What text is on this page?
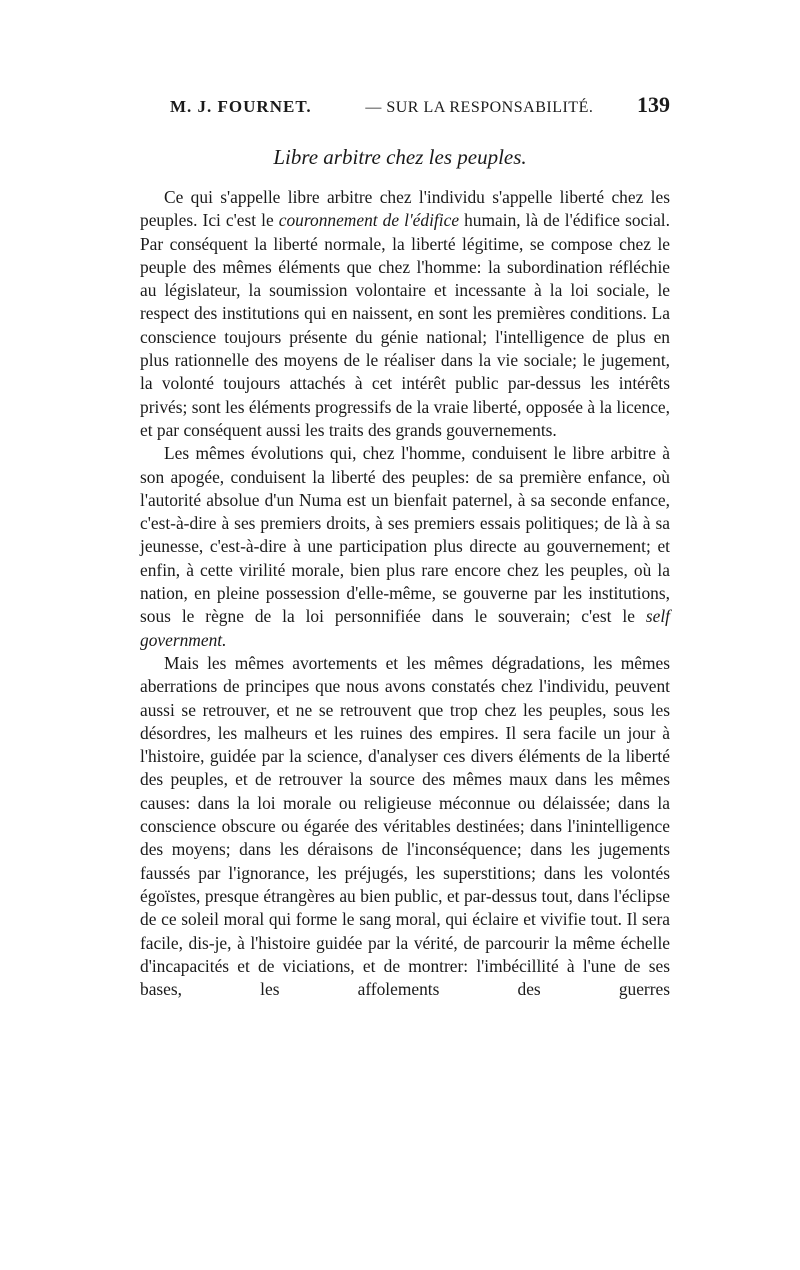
M. J. FOURNET.	— SUR LA RESPONSABILITÉ.	139
Libre arbitre chez les peuples.

Ce qui s'appelle libre arbitre chez l'individu s'appelle liberté chez les peuples. Ici c'est le couronnement de l'édifice humain, là de l'édifice social. Par conséquent la liberté normale, la liberté légitime, se compose chez le peuple des mêmes éléments que chez l'homme: la subordination réfléchie au législateur, la soumission volontaire et incessante à la loi sociale, le respect des institutions qui en naissent, en sont les premières conditions. La conscience toujours présente du génie national; l'intelligence de plus en plus rationnelle des moyens de le réaliser dans la vie sociale; le jugement, la volonté toujours attachés à cet intérêt public par-dessus les intérêts privés; sont les éléments progressifs de la vraie liberté, opposée à la licence, et par conséquent aussi les traits des grands gouvernements.

Les mêmes évolutions qui, chez l'homme, conduisent le libre arbitre à son apogée, conduisent la liberté des peuples: de sa première enfance, où l'autorité absolue d'un Numa est un bienfait paternel, à sa seconde enfance, c'est-à-dire à ses premiers droits, à ses premiers essais politiques; de là à sa jeunesse, c'est-à-dire à une participation plus directe au gouvernement; et enfin, à cette virilité morale, bien plus rare encore chez les peuples, où la nation, en pleine possession d'elle-même, se gouverne par les institutions, sous le règne de la loi personnifiée dans le souverain; c'est le self government.

Mais les mêmes avortements et les mêmes dégradations, les mêmes aberrations de principes que nous avons constatés chez l'individu, peuvent aussi se retrouver, et ne se retrouvent que trop chez les peuples, sous les désordres, les malheurs et les ruines des empires. Il sera facile un jour à l'histoire, guidée par la science, d'analyser ces divers éléments de la liberté des peuples, et de retrouver la source des mêmes maux dans les mêmes causes: dans la loi morale ou religieuse méconnue ou délaissée; dans la conscience obscure ou égarée des véritables destinées; dans l'inintelligence des moyens; dans les déraisons de l'inconséquence; dans les jugements faussés par l'ignorance, les préjugés, les superstitions; dans les volontés égoïstes, presque étrangères au bien public, et par-dessus tout, dans l'éclipse de ce soleil moral qui forme le sang moral, qui éclaire et vivifie tout. Il sera facile, dis-je, à l'histoire guidée par la vérité, de parcourir la même échelle d'incapacités et de viciations, et de montrer: l'imbécillité à l'une de ses bases, les affolements des guerres
